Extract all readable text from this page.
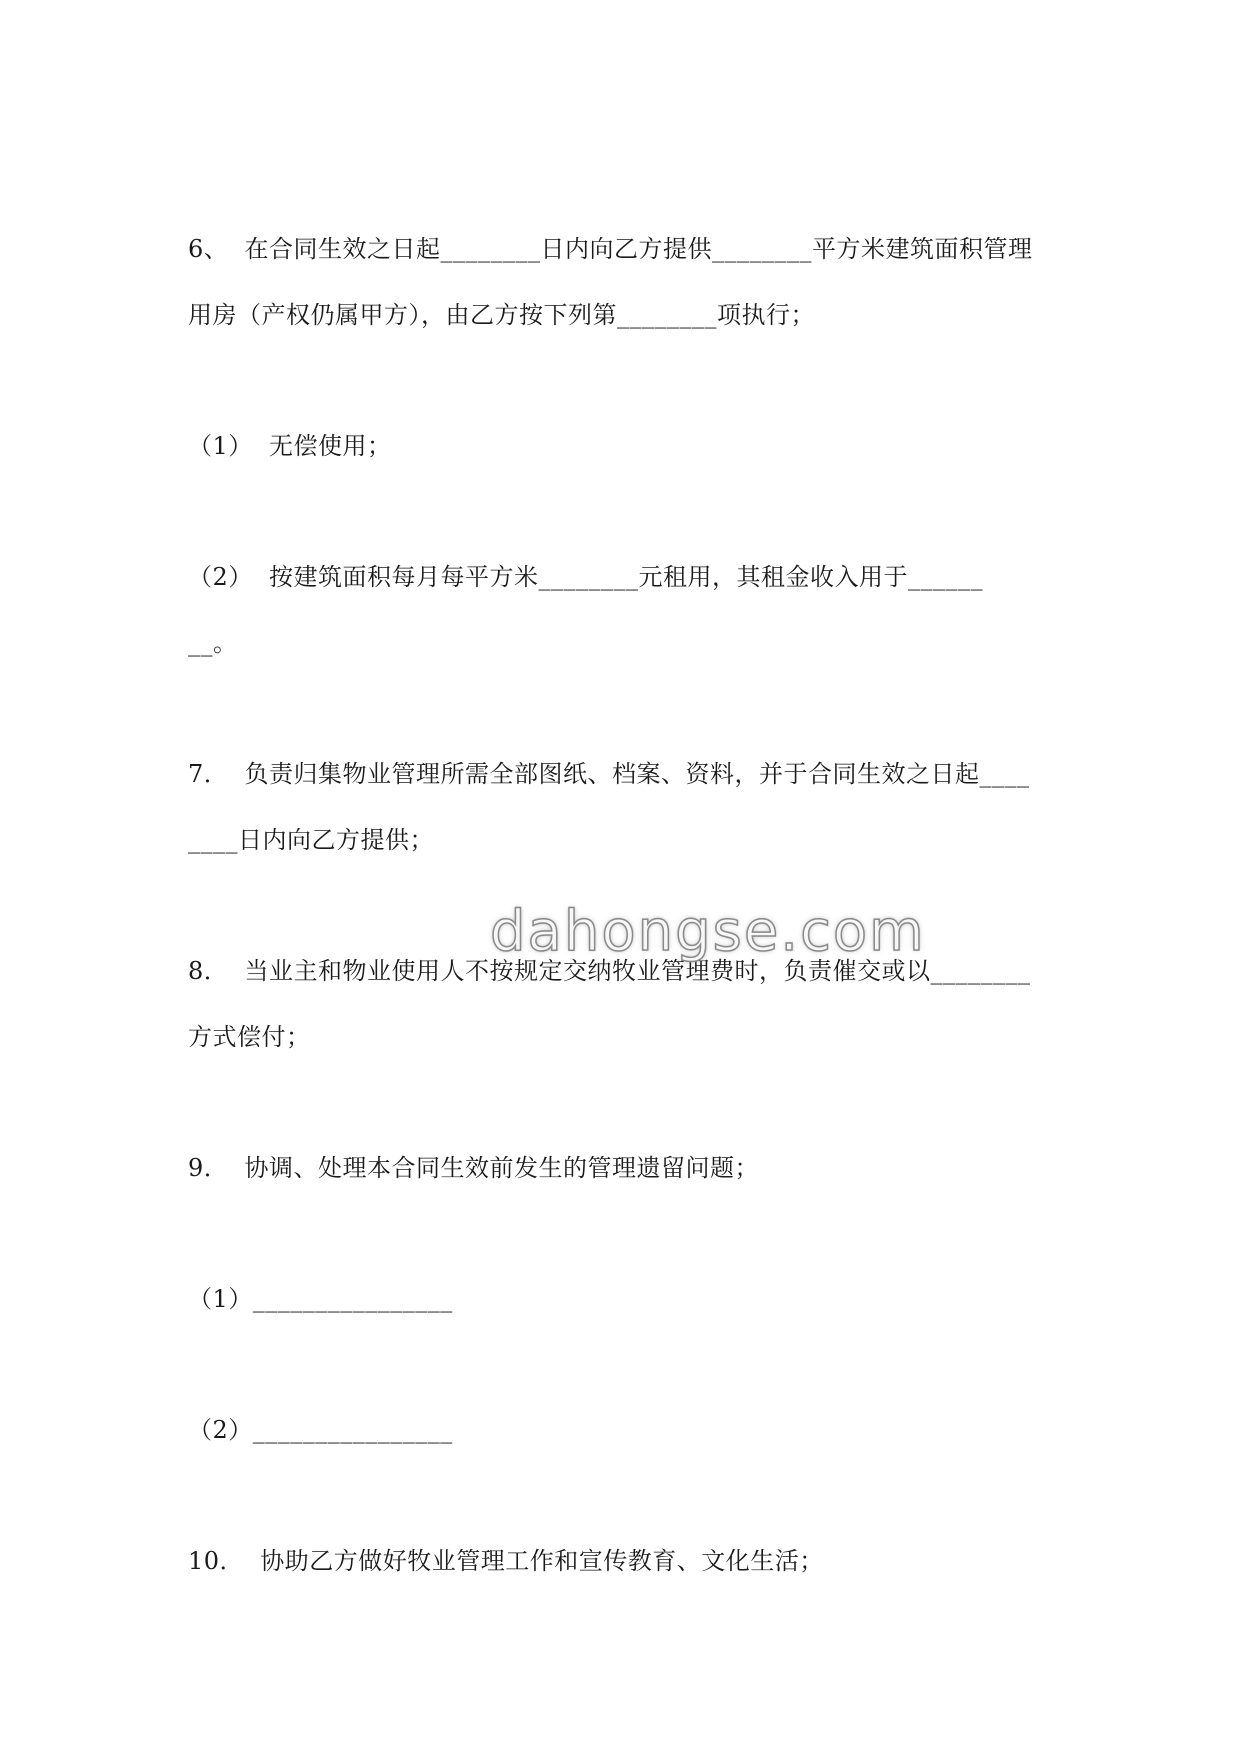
6、  在合同生效之日起________日内向乙方提供________平方米建筑面积管理
用房（产权仍属甲方），由乙方按下列第________项执行；
（1）  无偿使用；
（2）  按建筑面积每月每平方米________元租用，其租金收入用于______
__。
7．  负责归集物业管理所需全部图纸、档案、资料，并于合同生效之日起____
____日内向乙方提供；
8．  当业主和物业使用人不按规定交纳牧业管理费时，负责催交或以________
方式偿付；
9．  协调、处理本合同生效前发生的管理遗留问题；
（1）________________
（2）________________
10．  协助乙方做好牧业管理工作和宣传教育、文化生活；
dahongse.com
